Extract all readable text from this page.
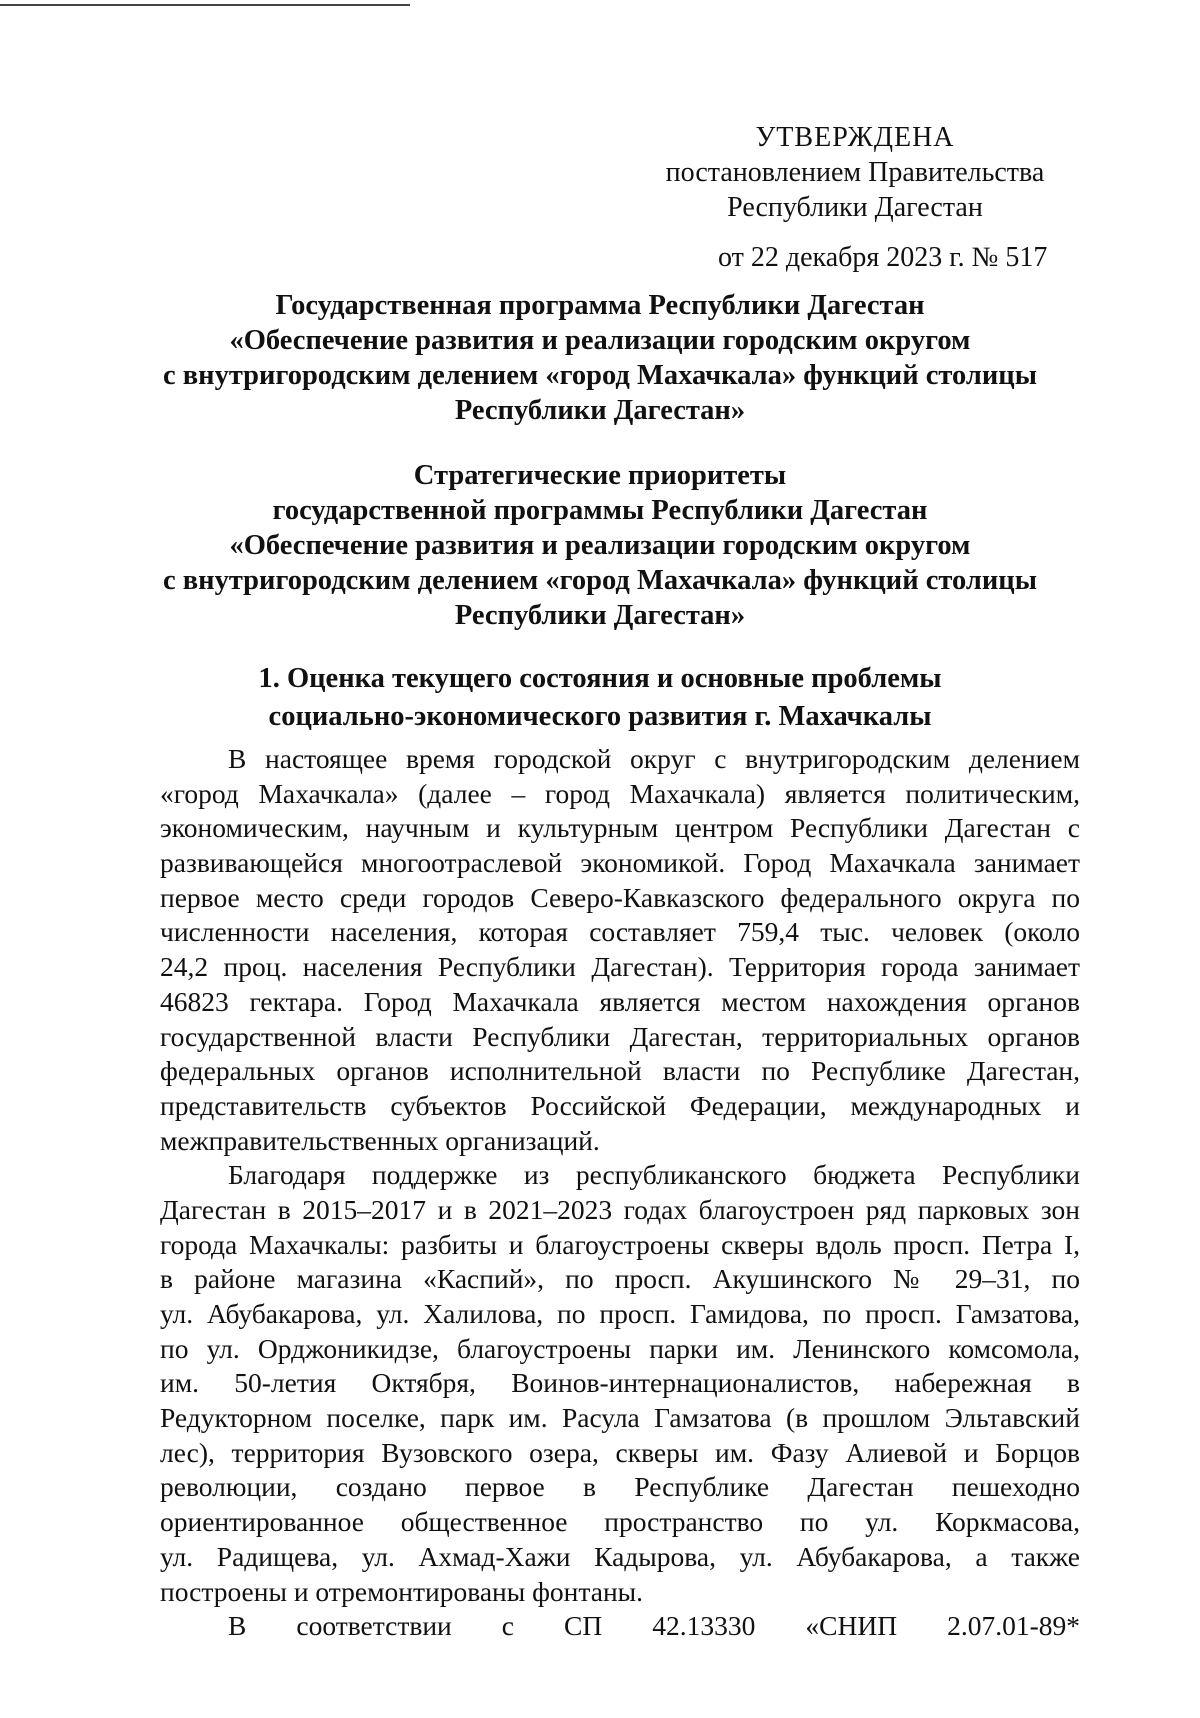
УТВЕРЖДЕНА
постановлением Правительства
Республики Дагестан
от 22 декабря 2023 г. № 517
Государственная программа Республики Дагестан
«Обеспечение развития и реализации городским округом
с внутригородским делением «город Махачкала» функций столицы
Республики Дагестан»
Стратегические приоритеты
государственной программы Республики Дагестан
«Обеспечение развития и реализации городским округом
с внутригородским делением «город Махачкала» функций столицы
Республики Дагестан»
1. Оценка текущего состояния и основные проблемы
социально-экономического развития г. Махачкалы
В настоящее время городской округ с внутригородским делением
«город Махачкала» (далее – город Махачкала) является политическим,
экономическим, научным и культурным центром Республики Дагестан с
развивающейся многоотраслевой экономикой. Город Махачкала занимает
первое место среди городов Северо-Кавказского федерального округа по
численности населения, которая составляет 759,4 тыс. человек (около
24,2 проц. населения Республики Дагестан). Территория города занимает
46823 гектара. Город Махачкала является местом нахождения органов
государственной власти Республики Дагестан, территориальных органов
федеральных органов исполнительной власти по Республике Дагестан,
представительств субъектов Российской Федерации, международных и
межправительственных организаций.
Благодаря поддержке из республиканского бюджета Республики
Дагестан в 2015–2017 и в 2021–2023 годах благоустроен ряд парковых зон
города Махачкалы: разбиты и благоустроены скверы вдоль просп. Петра I,
в районе магазина «Каспий», по просп. Акушинского № 29–31, по
ул. Абубакарова, ул. Халилова, по просп. Гамидова, по просп. Гамзатова,
по ул. Орджоникидзе, благоустроены парки им. Ленинского комсомола,
им. 50-летия Октября, Воинов-интернационалистов, набережная в
Редукторном поселке, парк им. Расула Гамзатова (в прошлом Эльтавский
лес), территория Вузовского озера, скверы им. Фазу Алиевой и Борцов
революции, создано первое в Республике Дагестан пешеходно
ориентированное общественное пространство по ул. Коркмасова,
ул. Радищева, ул. Ахмад-Хажи Кадырова, ул. Абубакарова, а также
построены и отремонтированы фонтаны.
В соответствии с СП 42.13330 «СНИП 2.07.01-89*
